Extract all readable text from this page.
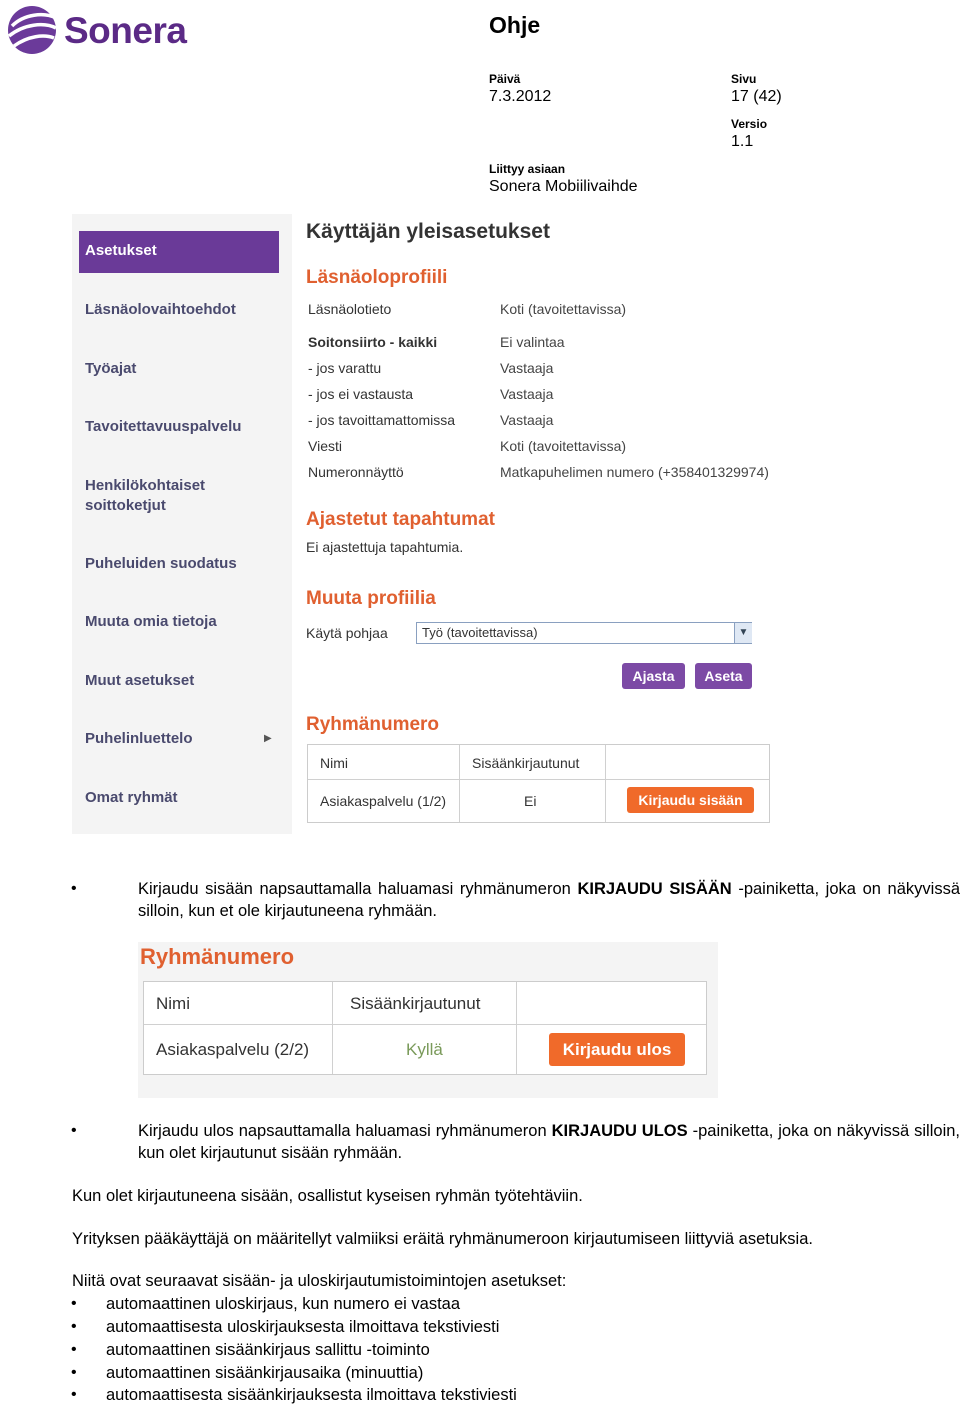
Sonera	Ohje
Päivä
7.3.2012
Sivu
17 (42)
Versio
1.1
Liittyy asiaan
Sonera Mobiilivaihde
Asetukset
Läsnäolovaihtoehdot
Työajat
Tavoitettavuuspalvelu
Henkilökohtaiset soittoketjut
Puheluiden suodatus
Muuta omia tietoja
Muut asetukset
Puhelinluettelo	▶
Omat ryhmät
Käyttäjän yleisasetukset
Läsnäoloprofiili
Läsnäolotieto	Koti (tavoitettavissa)
Soitonsiirto - kaikki	Ei valintaa
- jos varattu	Vastaaja
- jos ei vastausta	Vastaaja
- jos tavoittamattomissa	Vastaaja
Viesti	Koti (tavoitettavissa)
Numeronnäyttö	Matkapuhelimen numero (+358401329974)
Ajastetut tapahtumat
Ei ajastettuja tapahtumia.
Muuta profiilia
Käytä pohjaa	Työ (tavoitettavissa)	▼
Ajasta	Aseta
Ryhmänumero
Nimi	Sisäänkirjautunut
Asiakaspalvelu (1/2)	Ei	Kirjaudu sisään
•	Kirjaudu sisään napsauttamalla haluamasi ryhmänumeron KIRJAUDU SISÄÄN -painiketta, joka on näkyvissä silloin, kun et ole kirjautuneena ryhmään.
Ryhmänumero
Nimi	Sisäänkirjautunut
Asiakaspalvelu (2/2)	Kyllä	Kirjaudu ulos
•	Kirjaudu ulos napsauttamalla haluamasi ryhmänumeron KIRJAUDU ULOS -painiketta, joka on näkyvissä silloin, kun olet kirjautunut sisään ryhmään.
Kun olet kirjautuneena sisään, osallistut kyseisen ryhmän työtehtäviin.
Yrityksen pääkäyttäjä on määritellyt valmiiksi eräitä ryhmänumeroon kirjautumiseen liittyviä asetuksia.
Niitä ovat seuraavat sisään- ja uloskirjautumistoimintojen asetukset:
• automaattinen uloskirjaus, kun numero ei vastaa
• automaattisesta uloskirjauksesta ilmoittava tekstiviesti
• automaattinen sisäänkirjaus sallittu -toiminto
• automaattinen sisäänkirjausaika (minuuttia)
• automaattisesta sisäänkirjauksesta ilmoittava tekstiviesti
